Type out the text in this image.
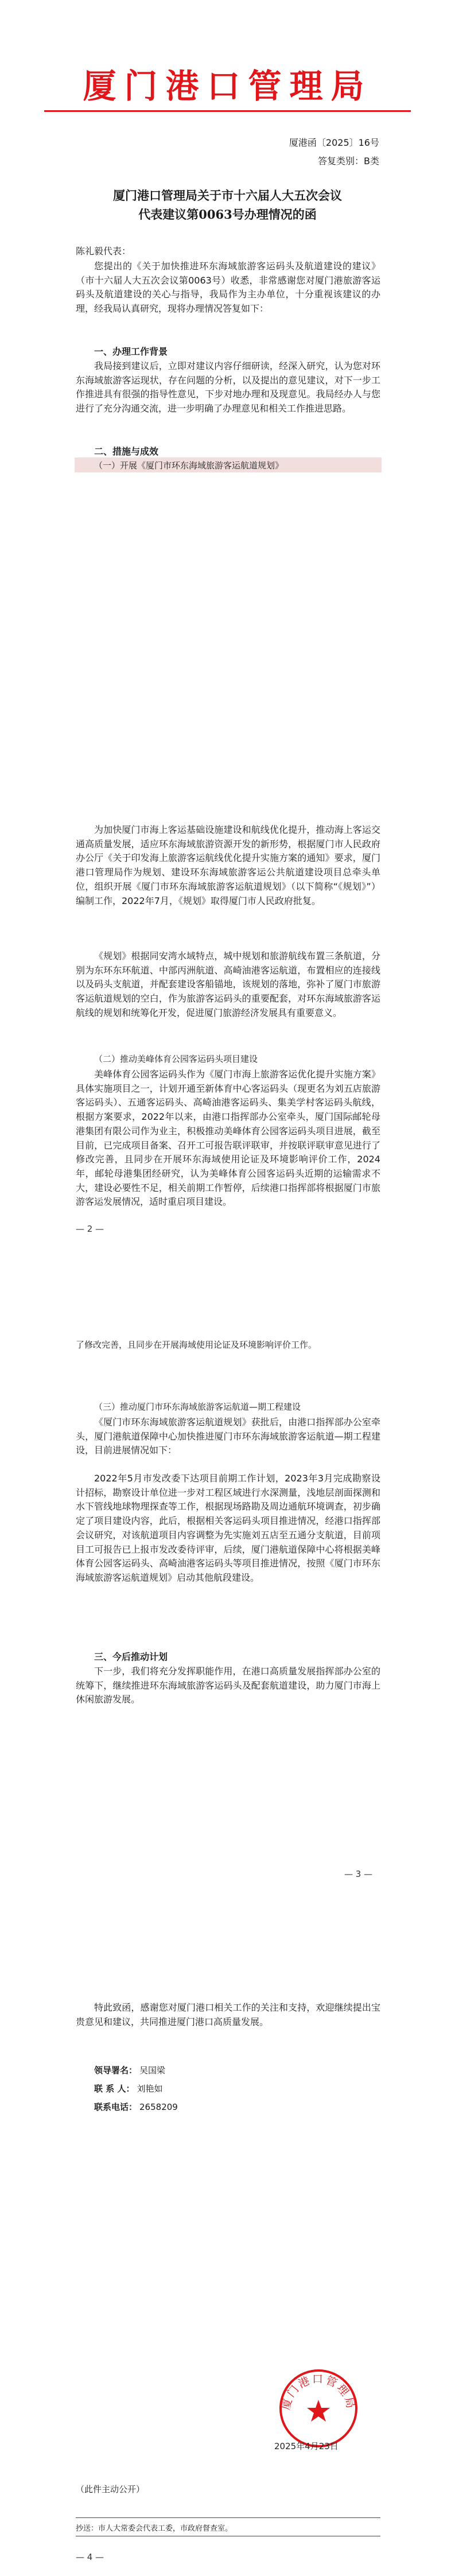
厦门港口管理局
厦港函〔2025〕16号
答复类别：B类
厦门港口管理局关于市十六届人大五次会议
代表建议第0063号办理情况的函
陈礼毅代表：
您提出的《关于加快推进环东海域旅游客运码头及航道建设的建议》（市十六届人大五次会议第0063号）收悉，非常感谢您对厦门港旅游客运码头及航道建设的关心与指导，我局作为主办单位，十分重视该建议的办理，经我局认真研究，现将办理情况答复如下：
一、办理工作背景
我局接到建议后，立即对建议内容仔细研读，经深入研究，认为您对环东海域旅游客运现状，存在问题的分析，以及提出的意见建议，对下一步工作推进具有很强的指导性意见，下步对地办理和及现意见。我局经办人与您进行了充分沟通交流，进一步明确了办理意见和相关工作推进思路。
二、措施与成效
（一）开展《厦门市环东海域旅游客运航道规划》
为加快厦门市海上客运基础设施建设和航线优化提升，推动海上客运交通高质量发展，适应环东海域旅游资源开发的新形势，根据厦门市人民政府办公厅《关于印发海上旅游客运航线优化提升实施方案的通知》要求，厦门港口管理局作为规划、建设环东海域旅游客运公共航道建设项目总牵头单位，组织开展《厦门市环东海域旅游客运航道规划》（以下简称“《规划》”）编制工作，2022年7月，《规划》取得厦门市人民政府批复。
《规划》根据同安湾水域特点，城中规划和旅游航线布置三条航道，分别为东环东环航道、中部丙洲航道、高崎油港客运航道，布置相应的连接线以及码头支航道，并配套建设客船锚地，该规划的落地，弥补了厦门市旅游客运航道规划的空白，作为旅游客运码头的重要配套，对环东海域旅游客运航线的规划和统筹化开发，促进厦门旅游经济发展具有重要意义。
（二）推动美峰体育公园客运码头项目建设
美峰体育公园客运码头作为《厦门市海上旅游客运优化提升实施方案》具体实施项目之一，计划开通至新体育中心客运码头（现更名为刘五店旅游客运码头）、五通客运码头、高崎油港客运码头、集美学村客运码头航线，根据方案要求，2022年以来，由港口指挥部办公室牵头，厦门国际邮轮母港集团有限公司作为业主，积极推动美峰体育公园客运码头项目进展，截至目前，已完成项目备案、召开工可报告联评联审，并按联评联审意见进行了修改完善，且同步在开展环东海域使用论证及环境影响评价工作，2024年，邮轮母港集团经研究，认为美峰体育公园客运码头近期的运输需求不大，建设必要性不足，相关前期工作暂停，后续港口指挥部将根据厦门市旅游客运发展情况，适时重启项目建设。
— 2 —
了修改完善，且同步在开展海域使用论证及环境影响评价工作。
（三）推动厦门市环东海域旅游客运航道—期工程建设
《厦门市环东海域旅游客运航道规划》获批后，由港口指挥部办公室牵头，厦门港航道保障中心加快推进厦门市环东海域旅游客运航道—期工程建设，目前进展情况如下：
2022年5月市发改委下达项目前期工作计划，2023年3月完成勘察设计招标，勘察设计单位进一步对工程区域进行水深测量，浅地层剖面探测和水下管线地球物理探查等工作，根据现场路勘及周边通航环境调查，初步确定了项目建设内容，此后，根据相关客运码头项目推进情况，经港口指挥部会议研究，对该航道项目内容调整为先实施刘五店至五通分支航道，目前项目工可报告已上报市发改委待评审，后续，厦门港航道保障中心将根据美峰体育公园客运码头、高崎油港客运码头等项目推进情况，按照《厦门市环东海域旅游客运航道规划》启动其他航段建设。
三、今后推动计划
下一步，我们将充分发挥职能作用，在港口高质量发展指挥部办公室的统筹下，继续推进环东海域旅游客运码头及配套航道建设，助力厦门市海上休闲旅游发展。
— 3 —
特此致函，感谢您对厦门港口相关工作的关注和支持，欢迎继续提出宝贵意见和建议，共同推进厦门港口高质量发展。
领导署名： 吴国梁
联 系 人： 刘艳如
联系电话： 2658209
厦门港口管理局
2025年4月23日
（此件主动公开）
抄送：市人大常委会代表工委，市政府督查室。
— 4 —
